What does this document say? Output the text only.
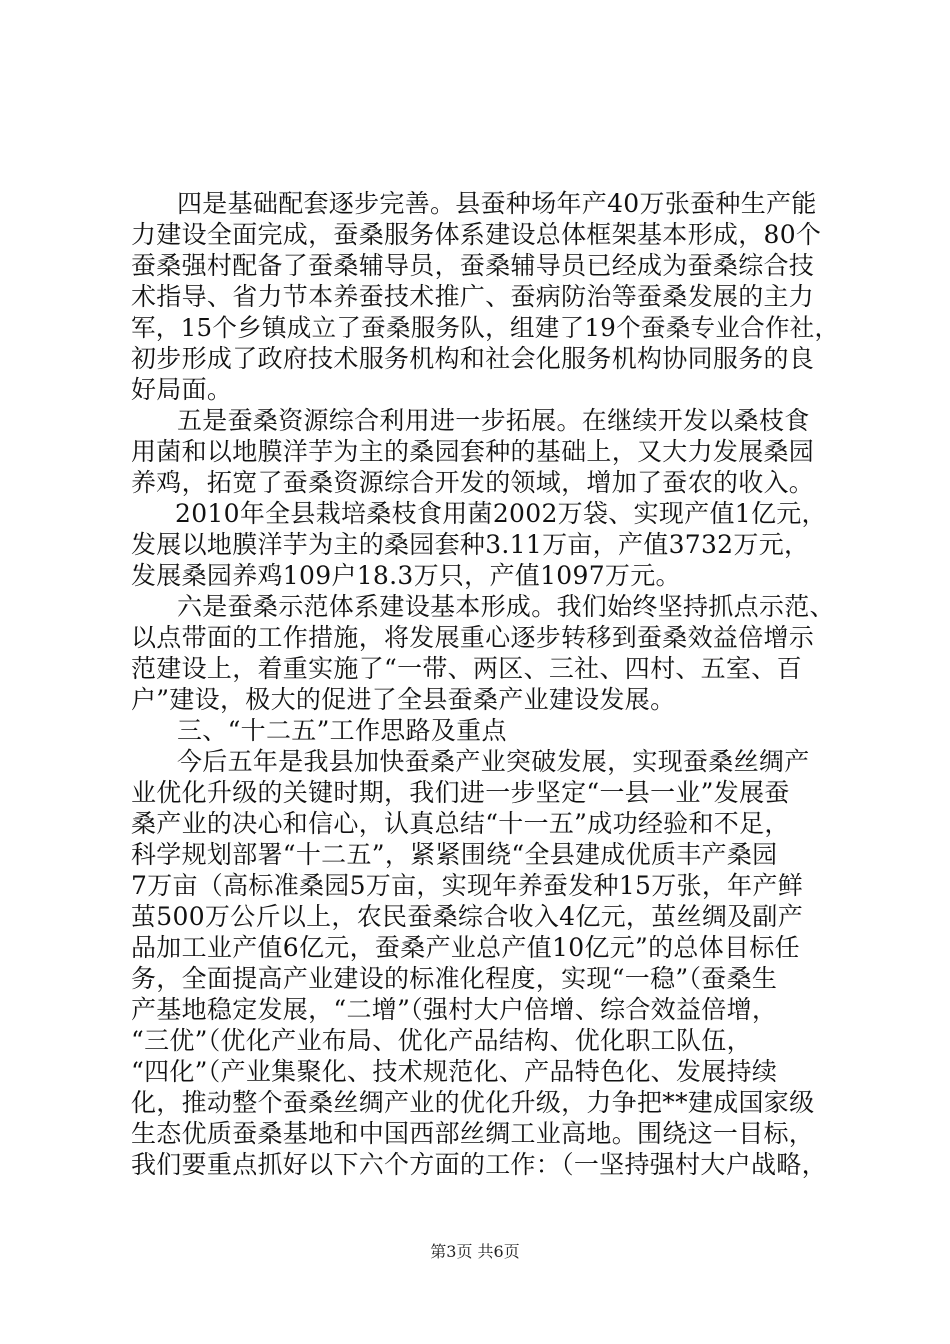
四是基础配套逐步完善。县蚕种场年产40万张蚕种生产能
力建设全面完成，蚕桑服务体系建设总体框架基本形成，80个
蚕桑强村配备了蚕桑辅导员，蚕桑辅导员已经成为蚕桑综合技
术指导、省力节本养蚕技术推广、蚕病防治等蚕桑发展的主力
军，15个乡镇成立了蚕桑服务队，组建了19个蚕桑专业合作社，
初步形成了政府技术服务机构和社会化服务机构协同服务的良
好局面。
五是蚕桑资源综合利用进一步拓展。在继续开发以桑枝食
用菌和以地膜洋芋为主的桑园套种的基础上，又大力发展桑园
养鸡，拓宽了蚕桑资源综合开发的领域，增加了蚕农的收入。
2010年全县栽培桑枝食用菌2002万袋、实现产值1亿元，
发展以地膜洋芋为主的桑园套种3.11万亩，产值3732万元，
发展桑园养鸡109户18.3万只，产值1097万元。
六是蚕桑示范体系建设基本形成。我们始终坚持抓点示范、
以点带面的工作措施，将发展重心逐步转移到蚕桑效益倍增示
范建设上，着重实施了“一带、两区、三社、四村、五室、百
户”建设，极大的促进了全县蚕桑产业建设发展。
三、“十二五”工作思路及重点
今后五年是我县加快蚕桑产业突破发展，实现蚕桑丝绸产
业优化升级的关键时期，我们进一步坚定“一县一业”发展蚕
桑产业的决心和信心，认真总结“十一五”成功经验和不足，
科学规划部署“十二五”，紧紧围绕“全县建成优质丰产桑园
7万亩（高标准桑园5万亩，实现年养蚕发种15万张，年产鲜
茧500万公斤以上，农民蚕桑综合收入4亿元，茧丝绸及副产
品加工业产值6亿元，蚕桑产业总产值10亿元”的总体目标任
务，全面提高产业建设的标准化程度，实现“一稳”（蚕桑生
产基地稳定发展，“二增”（强村大户倍增、综合效益倍增，
“三优”（优化产业布局、优化产品结构、优化职工队伍，
“四化”（产业集聚化、技术规范化、产品特色化、发展持续
化，推动整个蚕桑丝绸产业的优化升级，力争把**建成国家级
生态优质蚕桑基地和中国西部丝绸工业高地。围绕这一目标，
我们要重点抓好以下六个方面的工作：（一坚持强村大户战略，
第3页 共6页
